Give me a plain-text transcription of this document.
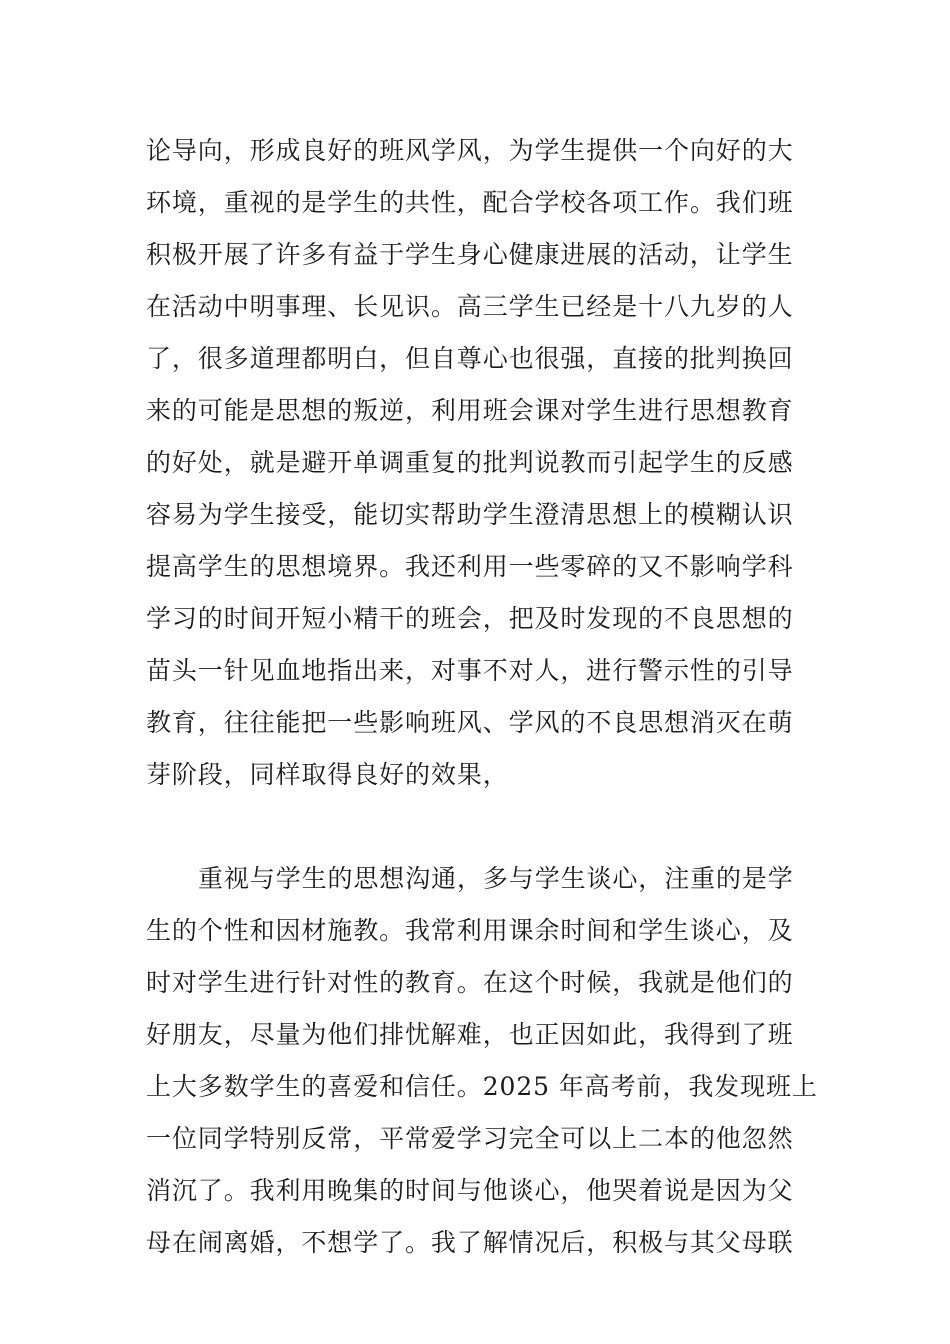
论导向，形成良好的班风学风，为学生提供一个向好的大
环境，重视的是学生的共性，配合学校各项工作。我们班
积极开展了许多有益于学生身心健康进展的活动，让学生
在活动中明事理、长见识。高三学生已经是十八九岁的人
了，很多道理都明白，但自尊心也很强，直接的批判换回
来的可能是思想的叛逆，利用班会课对学生进行思想教育
的好处，就是避开单调重复的批判说教而引起学生的反感
容易为学生接受，能切实帮助学生澄清思想上的模糊认识
提高学生的思想境界。我还利用一些零碎的又不影响学科
学习的时间开短小精干的班会，把及时发现的不良思想的
苗头一针见血地指出来，对事不对人，进行警示性的引导
教育，往往能把一些影响班风、学风的不良思想消灭在萌
芽阶段，同样取得良好的效果，
重视与学生的思想沟通，多与学生谈心，注重的是学
生的个性和因材施教。我常利用课余时间和学生谈心，及
时对学生进行针对性的教育。在这个时候，我就是他们的
好朋友，尽量为他们排忧解难，也正因如此，我得到了班
上大多数学生的喜爱和信任。2025 年高考前，我发现班上
一位同学特别反常，平常爱学习完全可以上二本的他忽然
消沉了。我利用晚集的时间与他谈心，他哭着说是因为父
母在闹离婚，不想学了。我了解情况后，积极与其父母联
